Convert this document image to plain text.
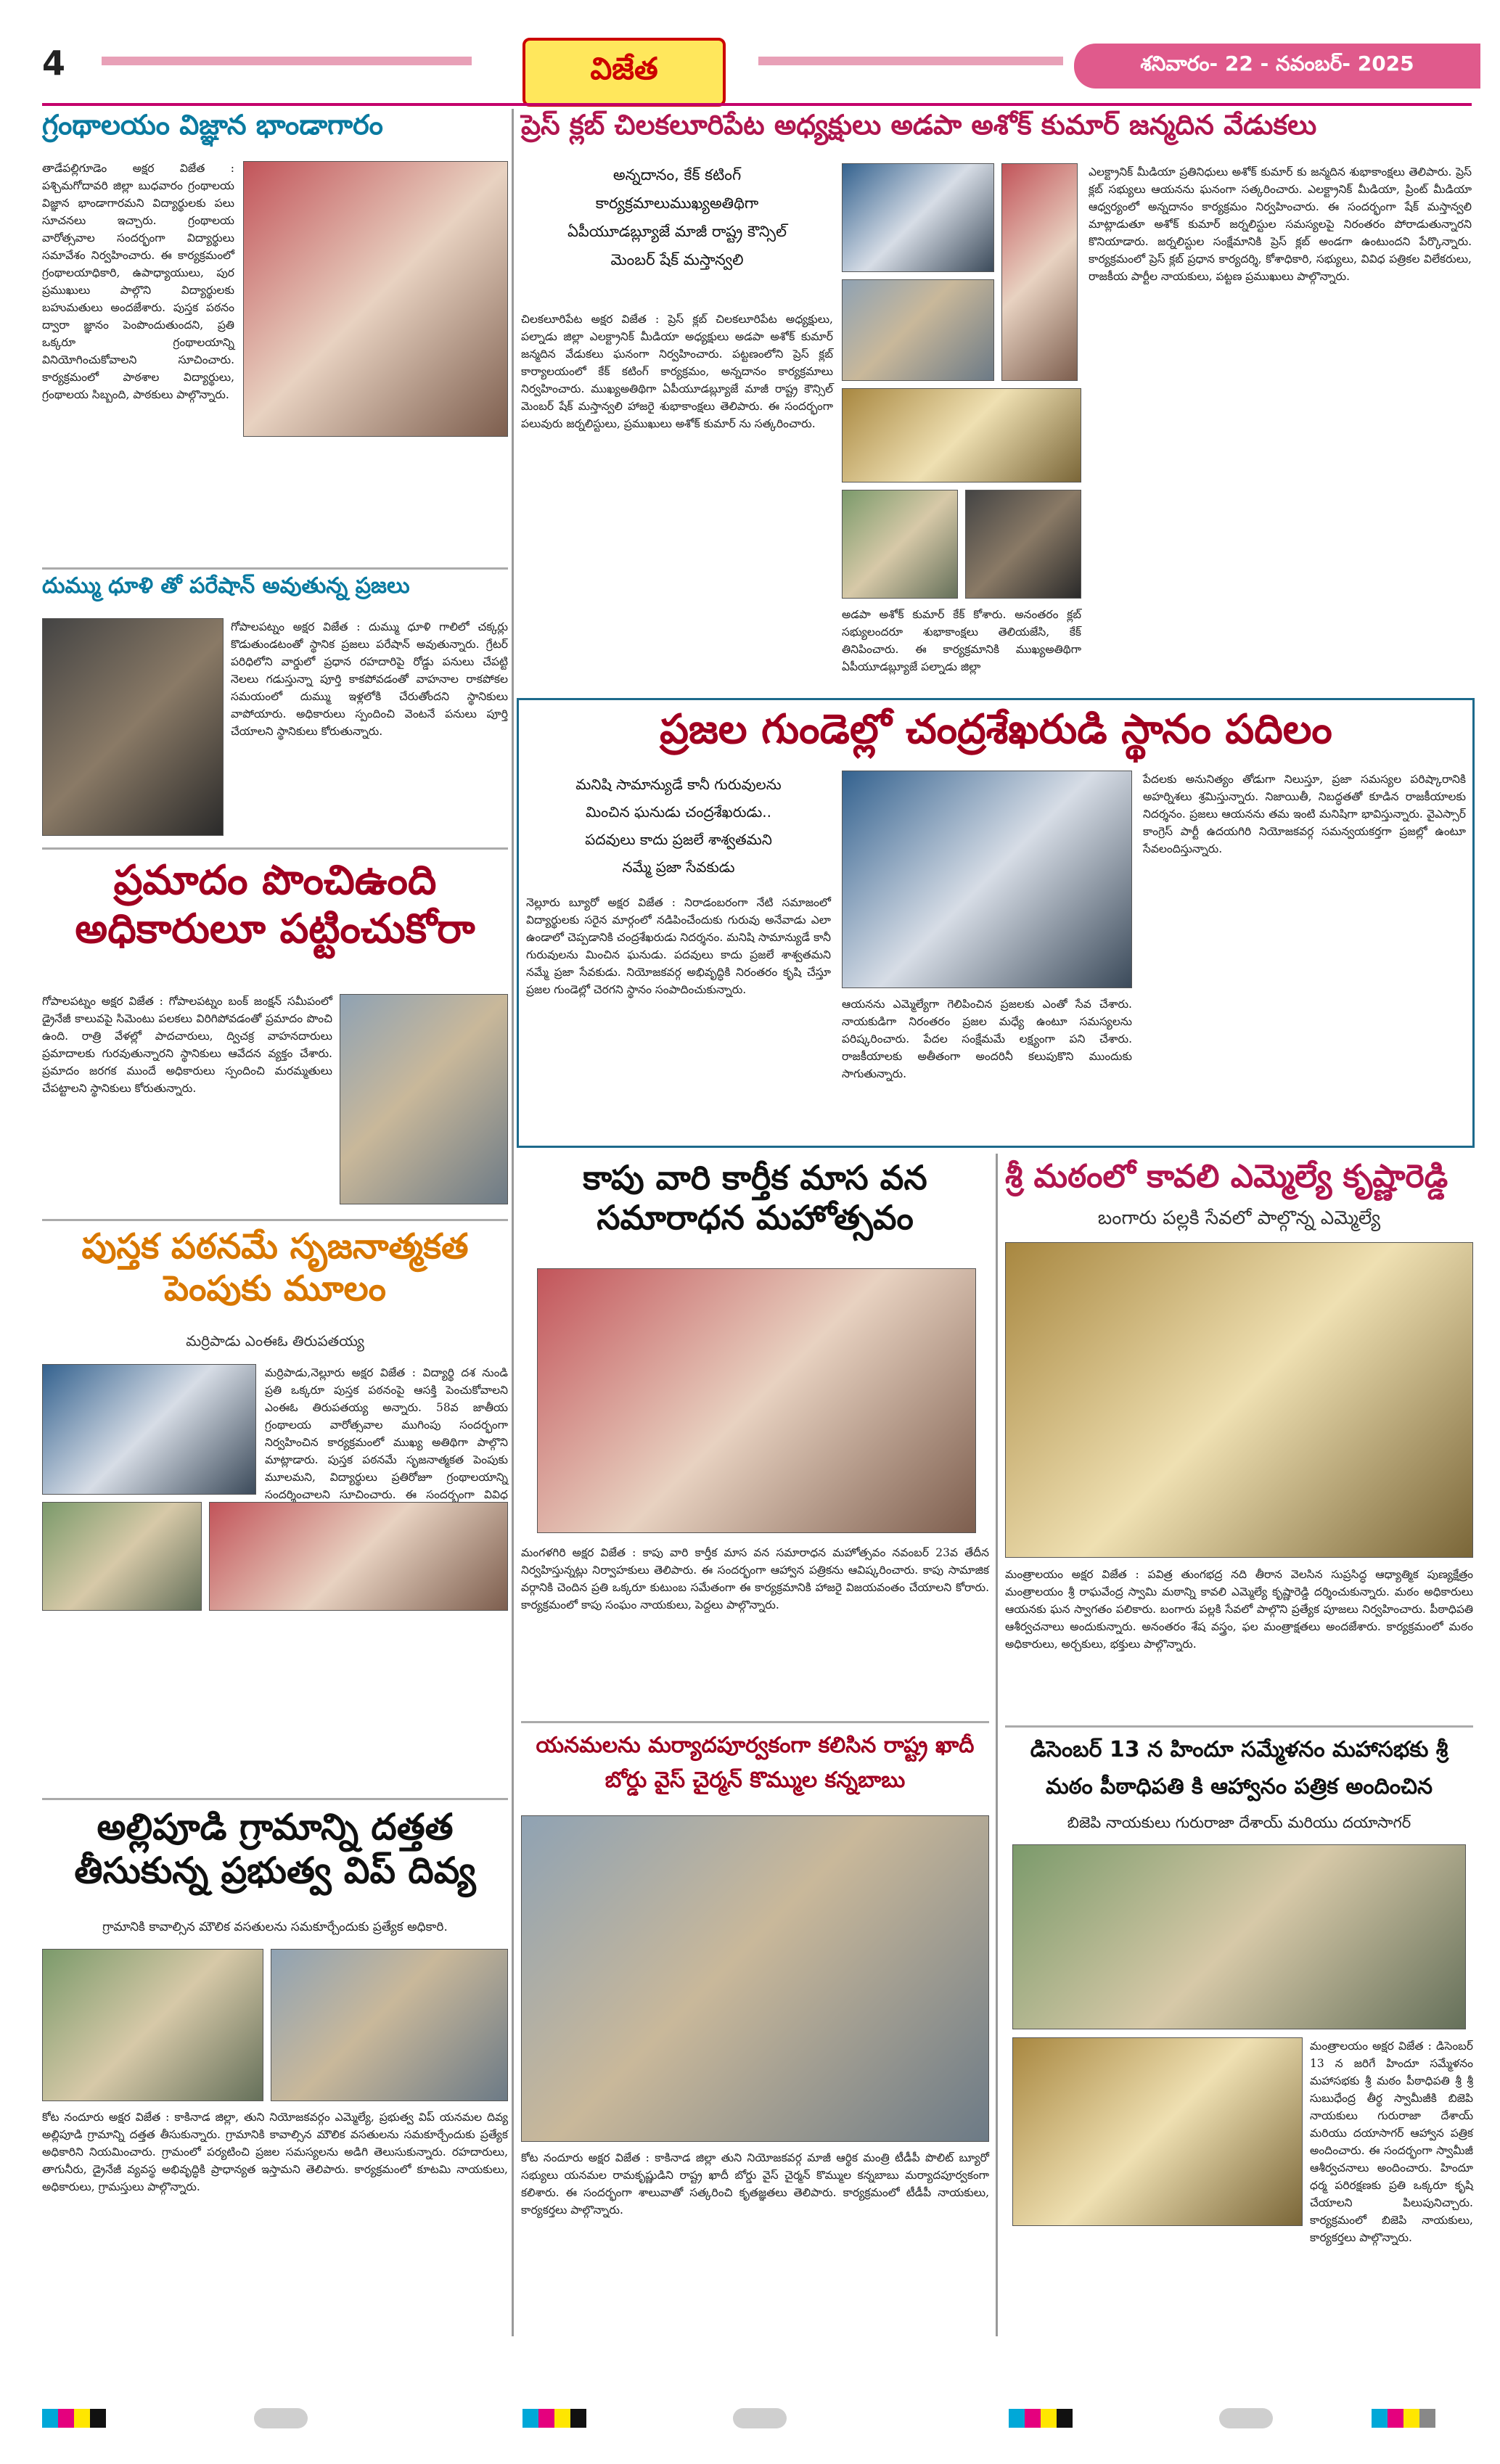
4	విజేత	శనివారం- 22 - నవంబర్- 2025
గ్రంథాలయం విజ్ఞాన భాండాగారం
తాడేపల్లిగూడెం అక్షర విజేత : పశ్చిమగోదావరి జిల్లా బుధవారం గ్రంథాలయ విజ్ఞాన భాండాగారమని విద్యార్థులకు పలు సూచనలు ఇచ్చారు. గ్రంథాలయ వారోత్సవాల సందర్భంగా విద్యార్థులు సమావేశం నిర్వహించారు. ఈ కార్యక్రమంలో గ్రంథాలయాధికారి, ఉపాధ్యాయులు, పుర ప్రముఖులు పాల్గొని విద్యార్థులకు బహుమతులు అందజేశారు. పుస్తక పఠనం ద్వారా జ్ఞానం పెంపొందుతుందని, ప్రతి ఒక్కరూ గ్రంథాలయాన్ని వినియోగించుకోవాలని సూచించారు. కార్యక్రమంలో పాఠశాల విద్యార్థులు, గ్రంథాలయ సిబ్బంది, పాఠకులు పాల్గొన్నారు.
దుమ్ము ధూళి తో పరేషాన్ అవుతున్న ప్రజలు
గోపాలపట్నం అక్షర విజేత : దుమ్ము ధూళి గాలిలో చక్కర్లు కొడుతుండటంతో స్థానిక ప్రజలు పరేషాన్ అవుతున్నారు. గ్రేటర్ పరిధిలోని వార్డులో ప్రధాన రహదారిపై రోడ్డు పనులు చేపట్టి నెలలు గడుస్తున్నా పూర్తి కాకపోవడంతో వాహనాల రాకపోకల సమయంలో దుమ్ము ఇళ్లలోకి చేరుతోందని స్థానికులు వాపోయారు. అధికారులు స్పందించి వెంటనే పనులు పూర్తి చేయాలని స్థానికులు కోరుతున్నారు.
ప్రమాదం పొంచిఉంది అధికారులూ పట్టించుకోరా
గోపాలపట్నం అక్షర విజేత : గోపాలపట్నం బంక్ జంక్షన్ సమీపంలో డ్రైనేజీ కాలువపై సిమెంటు పలకలు విరిగిపోవడంతో ప్రమాదం పొంచి ఉంది. రాత్రి వేళల్లో పాదచారులు, ద్విచక్ర వాహనదారులు ప్రమాదాలకు గురవుతున్నారని స్థానికులు ఆవేదన వ్యక్తం చేశారు. ప్రమాదం జరగక ముందే అధికారులు స్పందించి మరమ్మతులు చేపట్టాలని స్థానికులు కోరుతున్నారు.
పుస్తక పఠనమే సృజనాత్మకత పెంపుకు మూలం
మర్రిపాడు ఎంఈఓ తిరుపతయ్య
మర్రిపాడు,నెల్లూరు అక్షర విజేత : విద్యార్థి దశ నుండి ప్రతి ఒక్కరూ పుస్తక పఠనంపై ఆసక్తి పెంచుకోవాలని ఎంఈఓ తిరుపతయ్య అన్నారు. 58వ జాతీయ గ్రంథాలయ వారోత్సవాల ముగింపు సందర్భంగా నిర్వహించిన కార్యక్రమంలో ముఖ్య అతిథిగా పాల్గొని మాట్లాడారు. పుస్తక పఠనమే సృజనాత్మకత పెంపుకు మూలమని, విద్యార్థులు ప్రతిరోజూ గ్రంథాలయాన్ని సందర్శించాలని సూచించారు. ఈ సందర్భంగా వివిధ
అల్లిపూడి గ్రామాన్ని దత్తత తీసుకున్న ప్రభుత్వ విప్ దివ్య
గ్రామానికి కావాల్సిన మౌలిక వసతులను సమకూర్చేందుకు ప్రత్యేక అధికారి.
కోట నందూరు అక్షర విజేత : కాకినాడ జిల్లా, తుని నియోజకవర్గం ఎమ్మెల్యే, ప్రభుత్వ విప్ యనమల దివ్య అల్లిపూడి గ్రామాన్ని దత్తత తీసుకున్నారు. గ్రామానికి కావాల్సిన మౌలిక వసతులను సమకూర్చేందుకు ప్రత్యేక అధికారిని నియమించారు. గ్రామంలో పర్యటించి ప్రజల సమస్యలను అడిగి తెలుసుకున్నారు. రహదారులు, తాగునీరు, డ్రైనేజీ వ్యవస్థ అభివృద్ధికి ప్రాధాన్యత ఇస్తామని తెలిపారు. కార్యక్రమంలో కూటమి నాయకులు, అధికారులు, గ్రామస్తులు పాల్గొన్నారు.
ప్రెస్ క్లబ్ చిలకలూరిపేట అధ్యక్షులు అడపా అశోక్ కుమార్ జన్మదిన వేడుకలు
అన్నదానం, కేక్ కటింగ్
కార్యక్రమాలుముఖ్యఅతిథిగా
ఏపీయూడబ్ల్యూజే మాజీ రాష్ట్ర కౌన్సిల్
మెంబర్ షేక్ మస్తాన్వలి
చిలకలూరిపేట అక్షర విజేత : ప్రెస్ క్లబ్ చిలకలూరిపేట అధ్యక్షులు, పల్నాడు జిల్లా ఎలక్ట్రానిక్ మీడియా అధ్యక్షులు అడపా అశోక్ కుమార్ జన్మదిన వేడుకలు ఘనంగా నిర్వహించారు. పట్టణంలోని ప్రెస్ క్లబ్ కార్యాలయంలో కేక్ కటింగ్ కార్యక్రమం, అన్నదానం కార్యక్రమాలు నిర్వహించారు. ముఖ్యఅతిథిగా ఏపీయూడబ్ల్యూజే మాజీ రాష్ట్ర కౌన్సిల్ మెంబర్ షేక్ మస్తాన్వలి హాజరై శుభాకాంక్షలు తెలిపారు. ఈ సందర్భంగా పలువురు జర్నలిస్టులు, ప్రముఖులు అశోక్ కుమార్ ను సత్కరించారు.
అడపా అశోక్ కుమార్ కేక్ కోశారు. అనంతరం క్లబ్ సభ్యులందరూ శుభాకాంక్షలు తెలియజేసి, కేక్ తినిపించారు. ఈ కార్యక్రమానికి ముఖ్యఅతిథిగా ఏపీయూడబ్ల్యూజే పల్నాడు జిల్లా
ఎలక్ట్రానిక్ మీడియా ప్రతినిధులు అశోక్ కుమార్ కు జన్మదిన శుభాకాంక్షలు తెలిపారు. ప్రెస్ క్లబ్ సభ్యులు ఆయనను ఘనంగా సత్కరించారు. ఎలక్ట్రానిక్ మీడియా, ప్రింట్ మీడియా ఆధ్వర్యంలో అన్నదానం కార్యక్రమం నిర్వహించారు. ఈ సందర్భంగా షేక్ మస్తాన్వలి మాట్లాడుతూ అశోక్ కుమార్ జర్నలిస్టుల సమస్యలపై నిరంతరం పోరాడుతున్నారని కొనియాడారు. జర్నలిస్టుల సంక్షేమానికి ప్రెస్ క్లబ్ అండగా ఉంటుందని పేర్కొన్నారు. కార్యక్రమంలో ప్రెస్ క్లబ్ ప్రధాన కార్యదర్శి, కోశాధికారి, సభ్యులు, వివిధ పత్రికల విలేకరులు, రాజకీయ పార్టీల నాయకులు, పట్టణ ప్రముఖులు పాల్గొన్నారు.
ప్రజల గుండెల్లో చంద్రశేఖరుడి స్థానం పదిలం
మనిషి సామాన్యుడే కానీ గురువులను
మించిన ఘనుడు చంద్రశేఖరుడు..
పదవులు కాదు ప్రజలే శాశ్వతమని
నమ్మే ప్రజా సేవకుడు
నెల్లూరు బ్యూరో అక్షర విజేత : నిరాడంబరంగా నేటి సమాజంలో విద్యార్థులకు సరైన మార్గంలో నడిపించేందుకు గురువు అనేవాడు ఎలా ఉండాలో చెప్పడానికి చంద్రశేఖరుడు నిదర్శనం. మనిషి సామాన్యుడే కానీ గురువులను మించిన ఘనుడు. పదవులు కాదు ప్రజలే శాశ్వతమని నమ్మే ప్రజా సేవకుడు. నియోజకవర్గ అభివృద్ధికి నిరంతరం కృషి చేస్తూ ప్రజల గుండెల్లో చెరగని స్థానం సంపాదించుకున్నారు.
ఆయనను ఎమ్మెల్యేగా గెలిపించిన ప్రజలకు ఎంతో సేవ చేశారు. నాయకుడిగా నిరంతరం ప్రజల మధ్యే ఉంటూ సమస్యలను పరిష్కరించారు. పేదల సంక్షేమమే లక్ష్యంగా పని చేశారు. రాజకీయాలకు అతీతంగా అందరినీ కలుపుకొని ముందుకు సాగుతున్నారు.
పేదలకు అనునిత్యం తోడుగా నిలుస్తూ, ప్రజా సమస్యల పరిష్కారానికి అహర్నిశలు శ్రమిస్తున్నారు. నిజాయితీ, నిబద్ధతతో కూడిన రాజకీయాలకు నిదర్శనం. ప్రజలు ఆయనను తమ ఇంటి మనిషిగా భావిస్తున్నారు. వైఎస్సార్ కాంగ్రెస్ పార్టీ ఉదయగిరి నియోజకవర్గ సమన్వయకర్తగా ప్రజల్లో ఉంటూ సేవలందిస్తున్నారు.
కాపు వారి కార్తీక మాస వన సమారాధన మహోత్సవం
మంగళగిరి అక్షర విజేత : కాపు వారి కార్తీక మాస వన సమారాధన మహోత్సవం నవంబర్ 23వ తేదీన నిర్వహిస్తున్నట్లు నిర్వాహకులు తెలిపారు. ఈ సందర్భంగా ఆహ్వాన పత్రికను ఆవిష్కరించారు. కాపు సామాజిక వర్గానికి చెందిన ప్రతి ఒక్కరూ కుటుంబ సమేతంగా ఈ కార్యక్రమానికి హాజరై విజయవంతం చేయాలని కోరారు. కార్యక్రమంలో కాపు సంఘం నాయకులు, పెద్దలు పాల్గొన్నారు.
యనమలను మర్యాదపూర్వకంగా కలిసిన రాష్ట్ర ఖాదీ బోర్డు వైస్ చైర్మన్ కొమ్ముల కన్నబాబు
కోట నందూరు అక్షర విజేత : కాకినాడ జిల్లా తుని నియోజకవర్గ మాజీ ఆర్థిక మంత్రి టీడీపీ పొలిట్ బ్యూరో సభ్యులు యనమల రామకృష్ణుడిని రాష్ట్ర ఖాదీ బోర్డు వైస్ చైర్మన్ కొమ్ముల కన్నబాబు మర్యాదపూర్వకంగా కలిశారు. ఈ సందర్భంగా శాలువాతో సత్కరించి కృతజ్ఞతలు తెలిపారు. కార్యక్రమంలో టీడీపీ నాయకులు, కార్యకర్తలు పాల్గొన్నారు.
శ్రీ మఠంలో కావలి ఎమ్మెల్యే కృష్ణారెడ్డి
బంగారు పల్లకి సేవలో పాల్గొన్న ఎమ్మెల్యే
మంత్రాలయం అక్షర విజేత : పవిత్ర తుంగభద్ర నది తీరాన వెలసిన సుప్రసిద్ధ ఆధ్యాత్మిక పుణ్యక్షేత్రం మంత్రాలయం శ్రీ రాఘవేంద్ర స్వామి మఠాన్ని కావలి ఎమ్మెల్యే కృష్ణారెడ్డి దర్శించుకున్నారు. మఠం అధికారులు ఆయనకు ఘన స్వాగతం పలికారు. బంగారు పల్లకి సేవలో పాల్గొని ప్రత్యేక పూజలు నిర్వహించారు. పీఠాధిపతి ఆశీర్వచనాలు అందుకున్నారు. అనంతరం శేష వస్త్రం, ఫల మంత్రాక్షతలు అందజేశారు. కార్యక్రమంలో మఠం అధికారులు, అర్చకులు, భక్తులు పాల్గొన్నారు.
డిసెంబర్ 13 న హిందూ సమ్మేళనం మహాసభకు శ్రీ మఠం పీఠాధిపతి కి ఆహ్వానం పత్రిక అందించిన
బిజెపి నాయకులు గురురాజా దేశాయ్ మరియు దయాసాగర్
మంత్రాలయం అక్షర విజేత : డిసెంబర్ 13 న జరిగే హిందూ సమ్మేళనం మహాసభకు శ్రీ మఠం పీఠాధిపతి శ్రీ శ్రీ సుబుధేంద్ర తీర్థ స్వామీజీకి బిజెపి నాయకులు గురురాజా దేశాయ్ మరియు దయాసాగర్ ఆహ్వాన పత్రిక అందించారు. ఈ సందర్భంగా స్వామీజీ ఆశీర్వచనాలు అందించారు. హిందూ ధర్మ పరిరక్షణకు ప్రతి ఒక్కరూ కృషి చేయాలని పిలుపునిచ్చారు. కార్యక్రమంలో బిజెపి నాయకులు, కార్యకర్తలు పాల్గొన్నారు.
